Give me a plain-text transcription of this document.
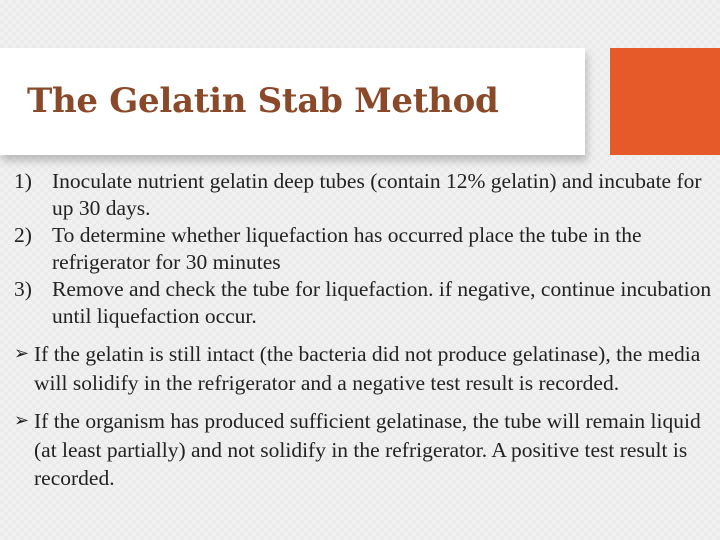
The Gelatin Stab Method
1) Inoculate nutrient gelatin deep tubes (contain 12% gelatin) and incubate for up 30 days.
2) To determine whether liquefaction has occurred place the tube in the refrigerator for 30 minutes
3) Remove and check the tube for liquefaction. if negative, continue incubation until liquefaction occur.
➢ If the gelatin is still intact (the bacteria did not produce gelatinase), the media will solidify in the refrigerator and a negative test result is recorded.
➢ If the organism has produced sufficient gelatinase, the tube will remain liquid (at least partially) and not solidify in the refrigerator. A positive test result is recorded.
